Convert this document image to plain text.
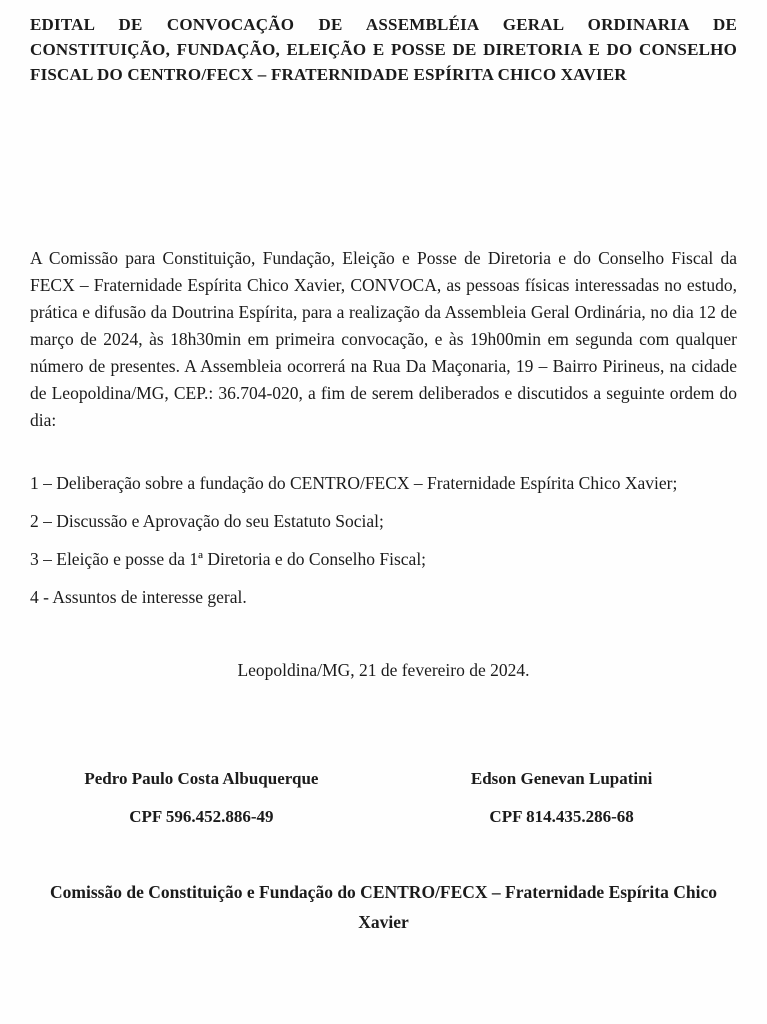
EDITAL DE CONVOCAÇÃO DE ASSEMBLÉIA GERAL ORDINARIA DE CONSTITUIÇÃO, FUNDAÇÃO, ELEIÇÃO E POSSE DE DIRETORIA E DO CONSELHO FISCAL DO CENTRO/FECX – FRATERNIDADE ESPÍRITA CHICO XAVIER

A Comissão para Constituição, Fundação, Eleição e Posse de Diretoria e do Conselho Fiscal da FECX – Fraternidade Espírita Chico Xavier, CONVOCA, as pessoas físicas interessadas no estudo, prática e difusão da Doutrina Espírita, para a realização da Assembleia Geral Ordinária, no dia 12 de março de 2024, às 18h30min em primeira convocação, e às 19h00min em segunda com qualquer número de presentes. A Assembleia ocorrerá na Rua Da Maçonaria, 19 – Bairro Pirineus, na cidade de Leopoldina/MG, CEP.: 36.704-020, a fim de serem deliberados e discutidos a seguinte ordem do dia:

1 – Deliberação sobre a fundação do CENTRO/FECX – Fraternidade Espírita Chico Xavier;

2 – Discussão e Aprovação do seu Estatuto Social;

3 – Eleição e posse da 1ª Diretoria e do Conselho Fiscal;

4 - Assuntos de interesse geral.

Leopoldina/MG, 21 de fevereiro de 2024.

Pedro Paulo Costa Albuquerque

CPF 596.452.886-49

Edson Genevan Lupatini

CPF 814.435.286-68

Comissão de Constituição e Fundação do CENTRO/FECX – Fraternidade Espírita Chico Xavier
